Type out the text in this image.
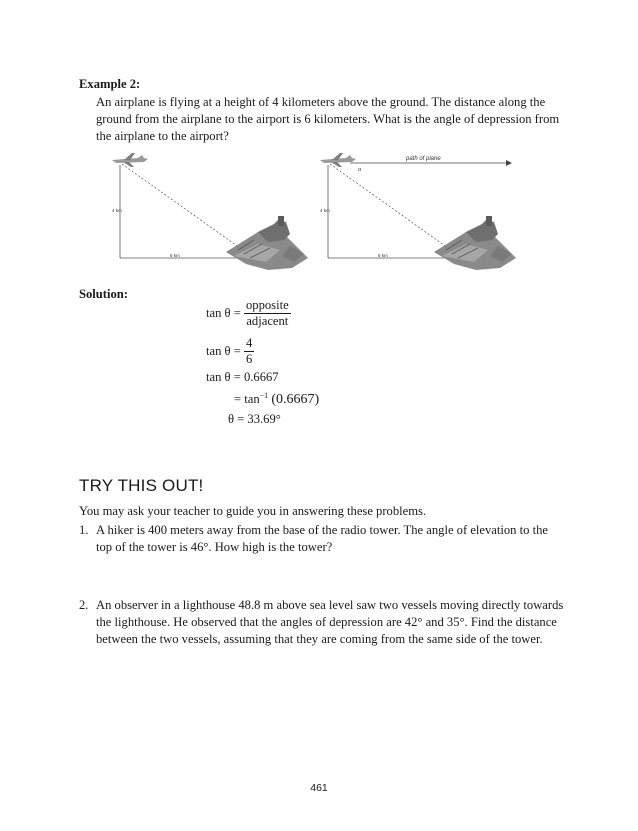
Example 2:
An airplane is flying at a height of 4 kilometers above the ground. The distance along the ground from the airplane to the airport is 6 kilometers. What is the angle of depression from the airplane to the airport?
4 km
6 km
path of plane
α
4 km
6 km
Solution:
$\tan \theta = \frac{\text{opposite}}{\text{adjacent}}$
$\tan \theta = \frac{4}{6}$
tan θ = 0.6667
= $\tan^{-1} (0.6667)$
θ = 33.69°
TRY THIS OUT!
You may ask your teacher to guide you in answering these problems.
1. A hiker is 400 meters away from the base of the radio tower. The angle of elevation to the top of the tower is 46°. How high is the tower?
2. An observer in a lighthouse 48.8 m above sea level saw two vessels moving directly towards the lighthouse. He observed that the angles of depression are 42° and 35°. Find the distance between the two vessels, assuming that they are coming from the same side of the tower.
461
